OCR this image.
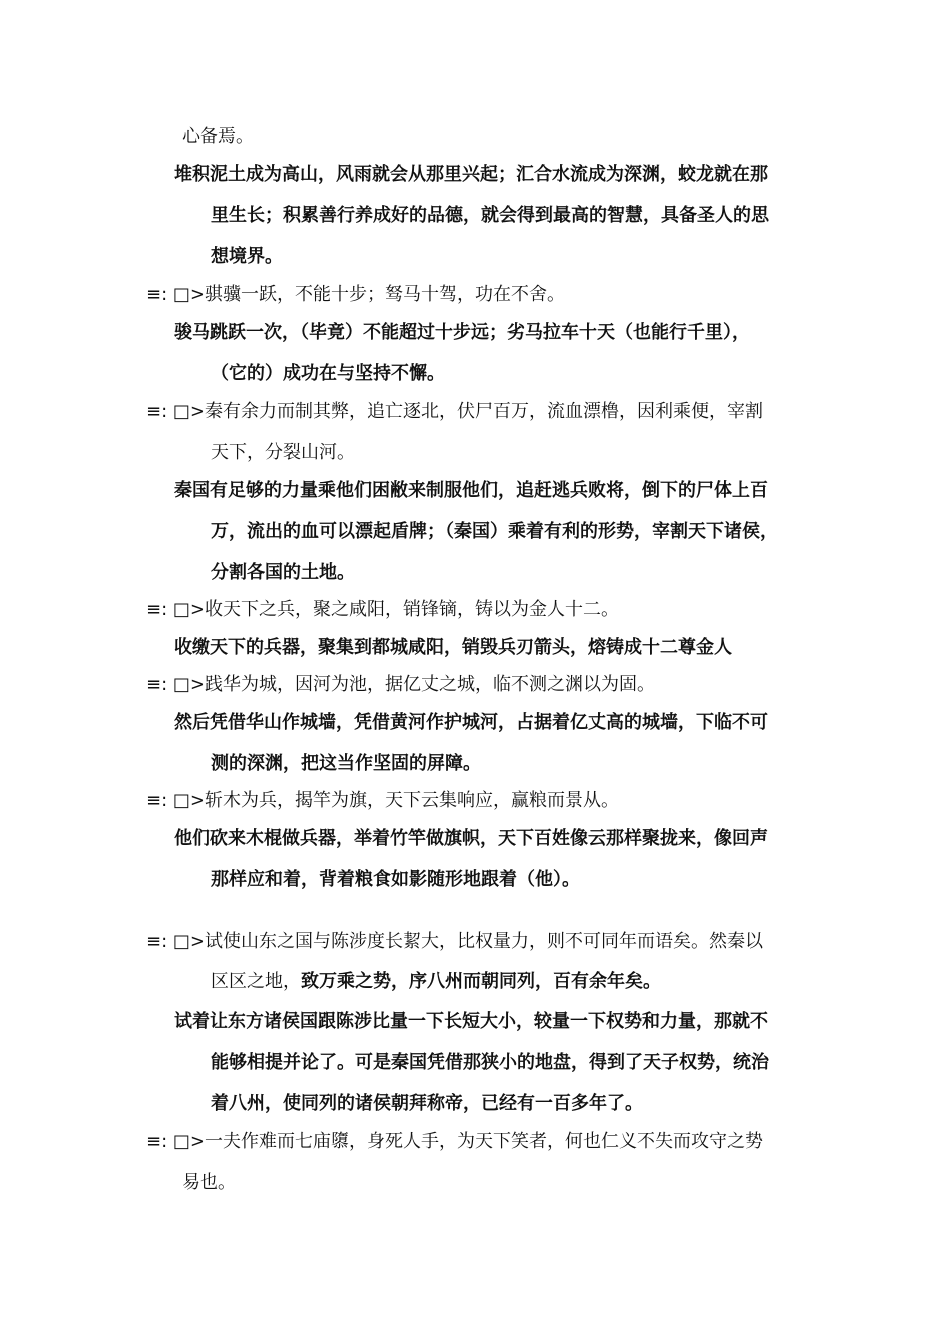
心备焉。
堆积泥土成为高山，风雨就会从那里兴起；汇合水流成为深渊，蛟龙就在那
里生长；积累善行养成好的品德，就会得到最高的智慧，具备圣人的思
想境界。
≡: □>骐骥一跃，不能十步；驽马十驾，功在不舍。
骏马跳跃一次，（毕竟）不能超过十步远；劣马拉车十天（也能行千里），
（它的）成功在与坚持不懈。
≡: □>秦有余力而制其弊，追亡逐北，伏尸百万，流血漂橹，因利乘便，宰割
天下，分裂山河。
秦国有足够的力量乘他们困敝来制服他们，追赶逃兵败将，倒下的尸体上百
万，流出的血可以漂起盾牌；（秦国）乘着有利的形势，宰割天下诸侯，
分割各国的土地。
≡: □>收天下之兵，聚之咸阳，销锋镝，铸以为金人十二。
收缴天下的兵器，聚集到都城咸阳，销毁兵刃箭头，熔铸成十二尊金人
≡: □>践华为城，因河为池，据亿丈之城，临不测之渊以为固。
然后凭借华山作城墙，凭借黄河作护城河，占据着亿丈高的城墙，下临不可
测的深渊，把这当作坚固的屏障。
≡: □>斩木为兵，揭竿为旗，天下云集响应，赢粮而景从。
他们砍来木棍做兵器，举着竹竿做旗帜，天下百姓像云那样聚拢来，像回声
那样应和着，背着粮食如影随形地跟着（他）。
≡: □>试使山东之国与陈涉度长絜大，比权量力，则不可同年而语矣。然秦以
区区之地，致万乘之势，序八州而朝同列，百有余年矣。
试着让东方诸侯国跟陈涉比量一下长短大小，较量一下权势和力量，那就不
能够相提并论了。可是秦国凭借那狭小的地盘，得到了天子权势，统治
着八州，使同列的诸侯朝拜称帝，已经有一百多年了。
≡: □>一夫作难而七庙隳，身死人手，为天下笑者，何也仁义不失而攻守之势
易也。
